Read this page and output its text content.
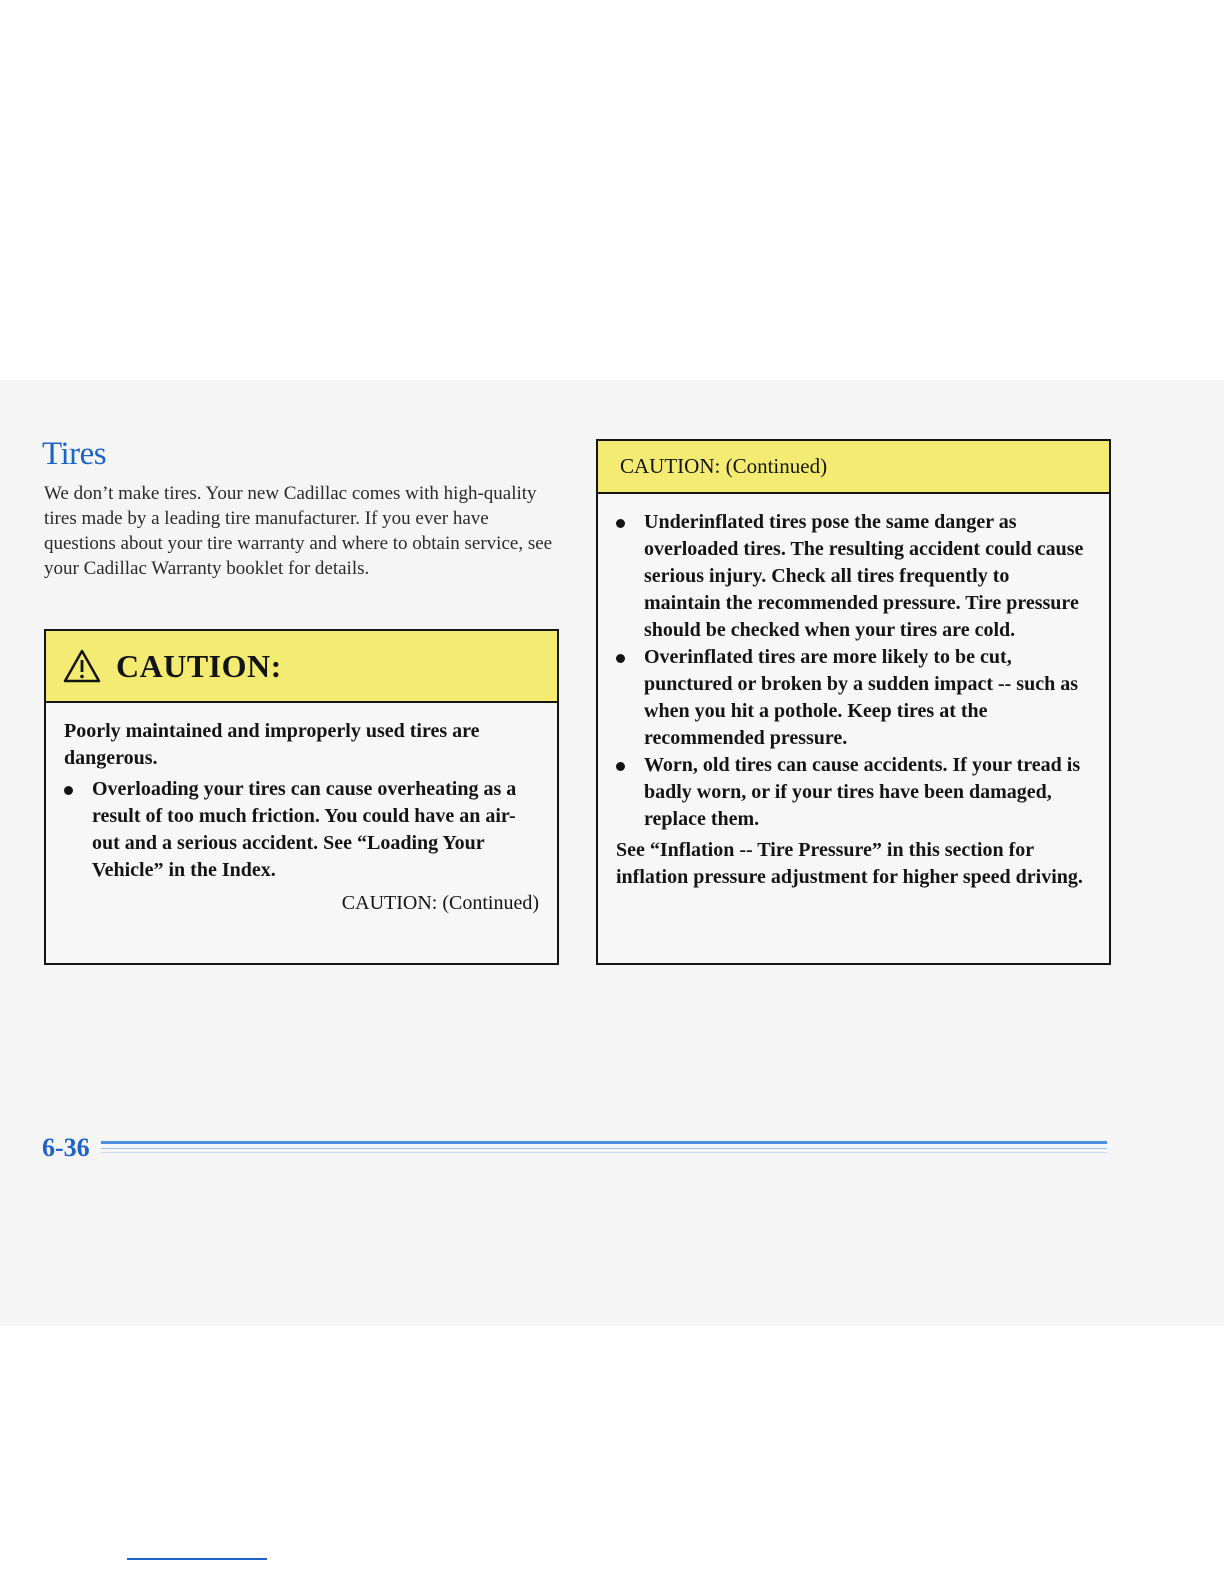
Tires

We don’t make tires. Your new Cadillac comes with high-quality tires made by a leading tire manufacturer. If you ever have questions about your tire warranty and where to obtain service, see your Cadillac Warranty booklet for details.

CAUTION:

Poorly maintained and improperly used tires are dangerous.

Overloading your tires can cause overheating as a result of too much friction. You could have an air-out and a serious accident. See “Loading Your Vehicle” in the Index.
CAUTION: (Continued)
CAUTION: (Continued)
Underinflated tires pose the same danger as overloaded tires. The resulting accident could cause serious injury. Check all tires frequently to maintain the recommended pressure. Tire pressure should be checked when your tires are cold.
Overinflated tires are more likely to be cut, punctured or broken by a sudden impact -- such as when you hit a pothole. Keep tires at the recommended pressure.
Worn, old tires can cause accidents. If your tread is badly worn, or if your tires have been damaged, replace them.

See “Inflation -- Tire Pressure” in this section for inflation pressure adjustment for higher speed driving.

6-36
